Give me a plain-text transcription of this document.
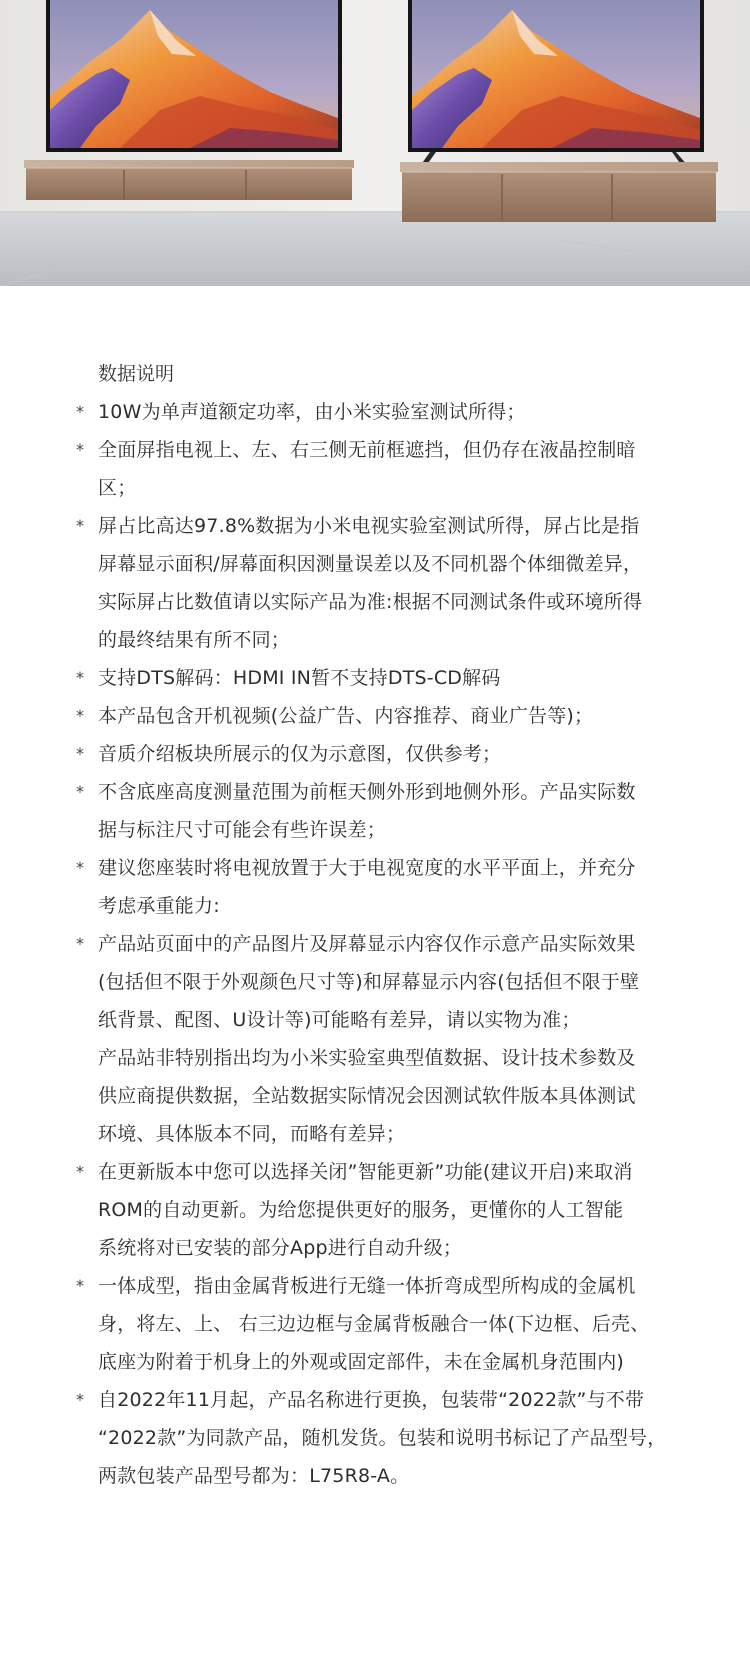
数据说明
* 10W为单声道额定功率，由小米实验室测试所得；
* 全面屏指电视上、左、右三侧无前框遮挡，但仍存在液晶控制暗
区；
* 屏占比高达97.8%数据为小米电视实验室测试所得，屏占比是指
屏幕显示面积/屏幕面积因测量误差以及不同机器个体细微差异，
实际屏占比数值请以实际产品为准:根据不同测试条件或环境所得
的最终结果有所不同；
* 支持DTS解码：HDMI IN暂不支持DTS-CD解码
* 本产品包含开机视频(公益广告、内容推荐、商业广告等)；
* 音质介绍板块所展示的仅为示意图，仅供参考；
* 不含底座高度测量范围为前框天侧外形到地侧外形。产品实际数
据与标注尺寸可能会有些许误差；
* 建议您座装时将电视放置于大于电视宽度的水平平面上，并充分
考虑承重能力:
* 产品站页面中的产品图片及屏幕显示内容仅作示意产品实际效果
(包括但不限于外观颜色尺寸等)和屏幕显示内容(包括但不限于壁
纸背景、配图、U设计等)可能略有差异，请以实物为准；
产品站非特别指出均为小米实验室典型值数据、设计技术参数及
供应商提供数据，全站数据实际情况会因测试软件版本具体测试
环境、具体版本不同，而略有差异；
* 在更新版本中您可以选择关闭”智能更新”功能(建议开启)来取消
ROM的自动更新。为给您提供更好的服务，更懂你的人工智能
系统将对已安装的部分App进行自动升级；
* 一体成型，指由金属背板进行无缝一体折弯成型所构成的金属机
身，将左、上、 右三边边框与金属背板融合一体(下边框、后壳、
底座为附着于机身上的外观或固定部件，未在金属机身范围内)
* 自2022年11月起，产品名称进行更换，包装带“2022款”与不带
“2022款”为同款产品，随机发货。包装和说明书标记了产品型号，
两款包装产品型号都为：L75R8-A。
